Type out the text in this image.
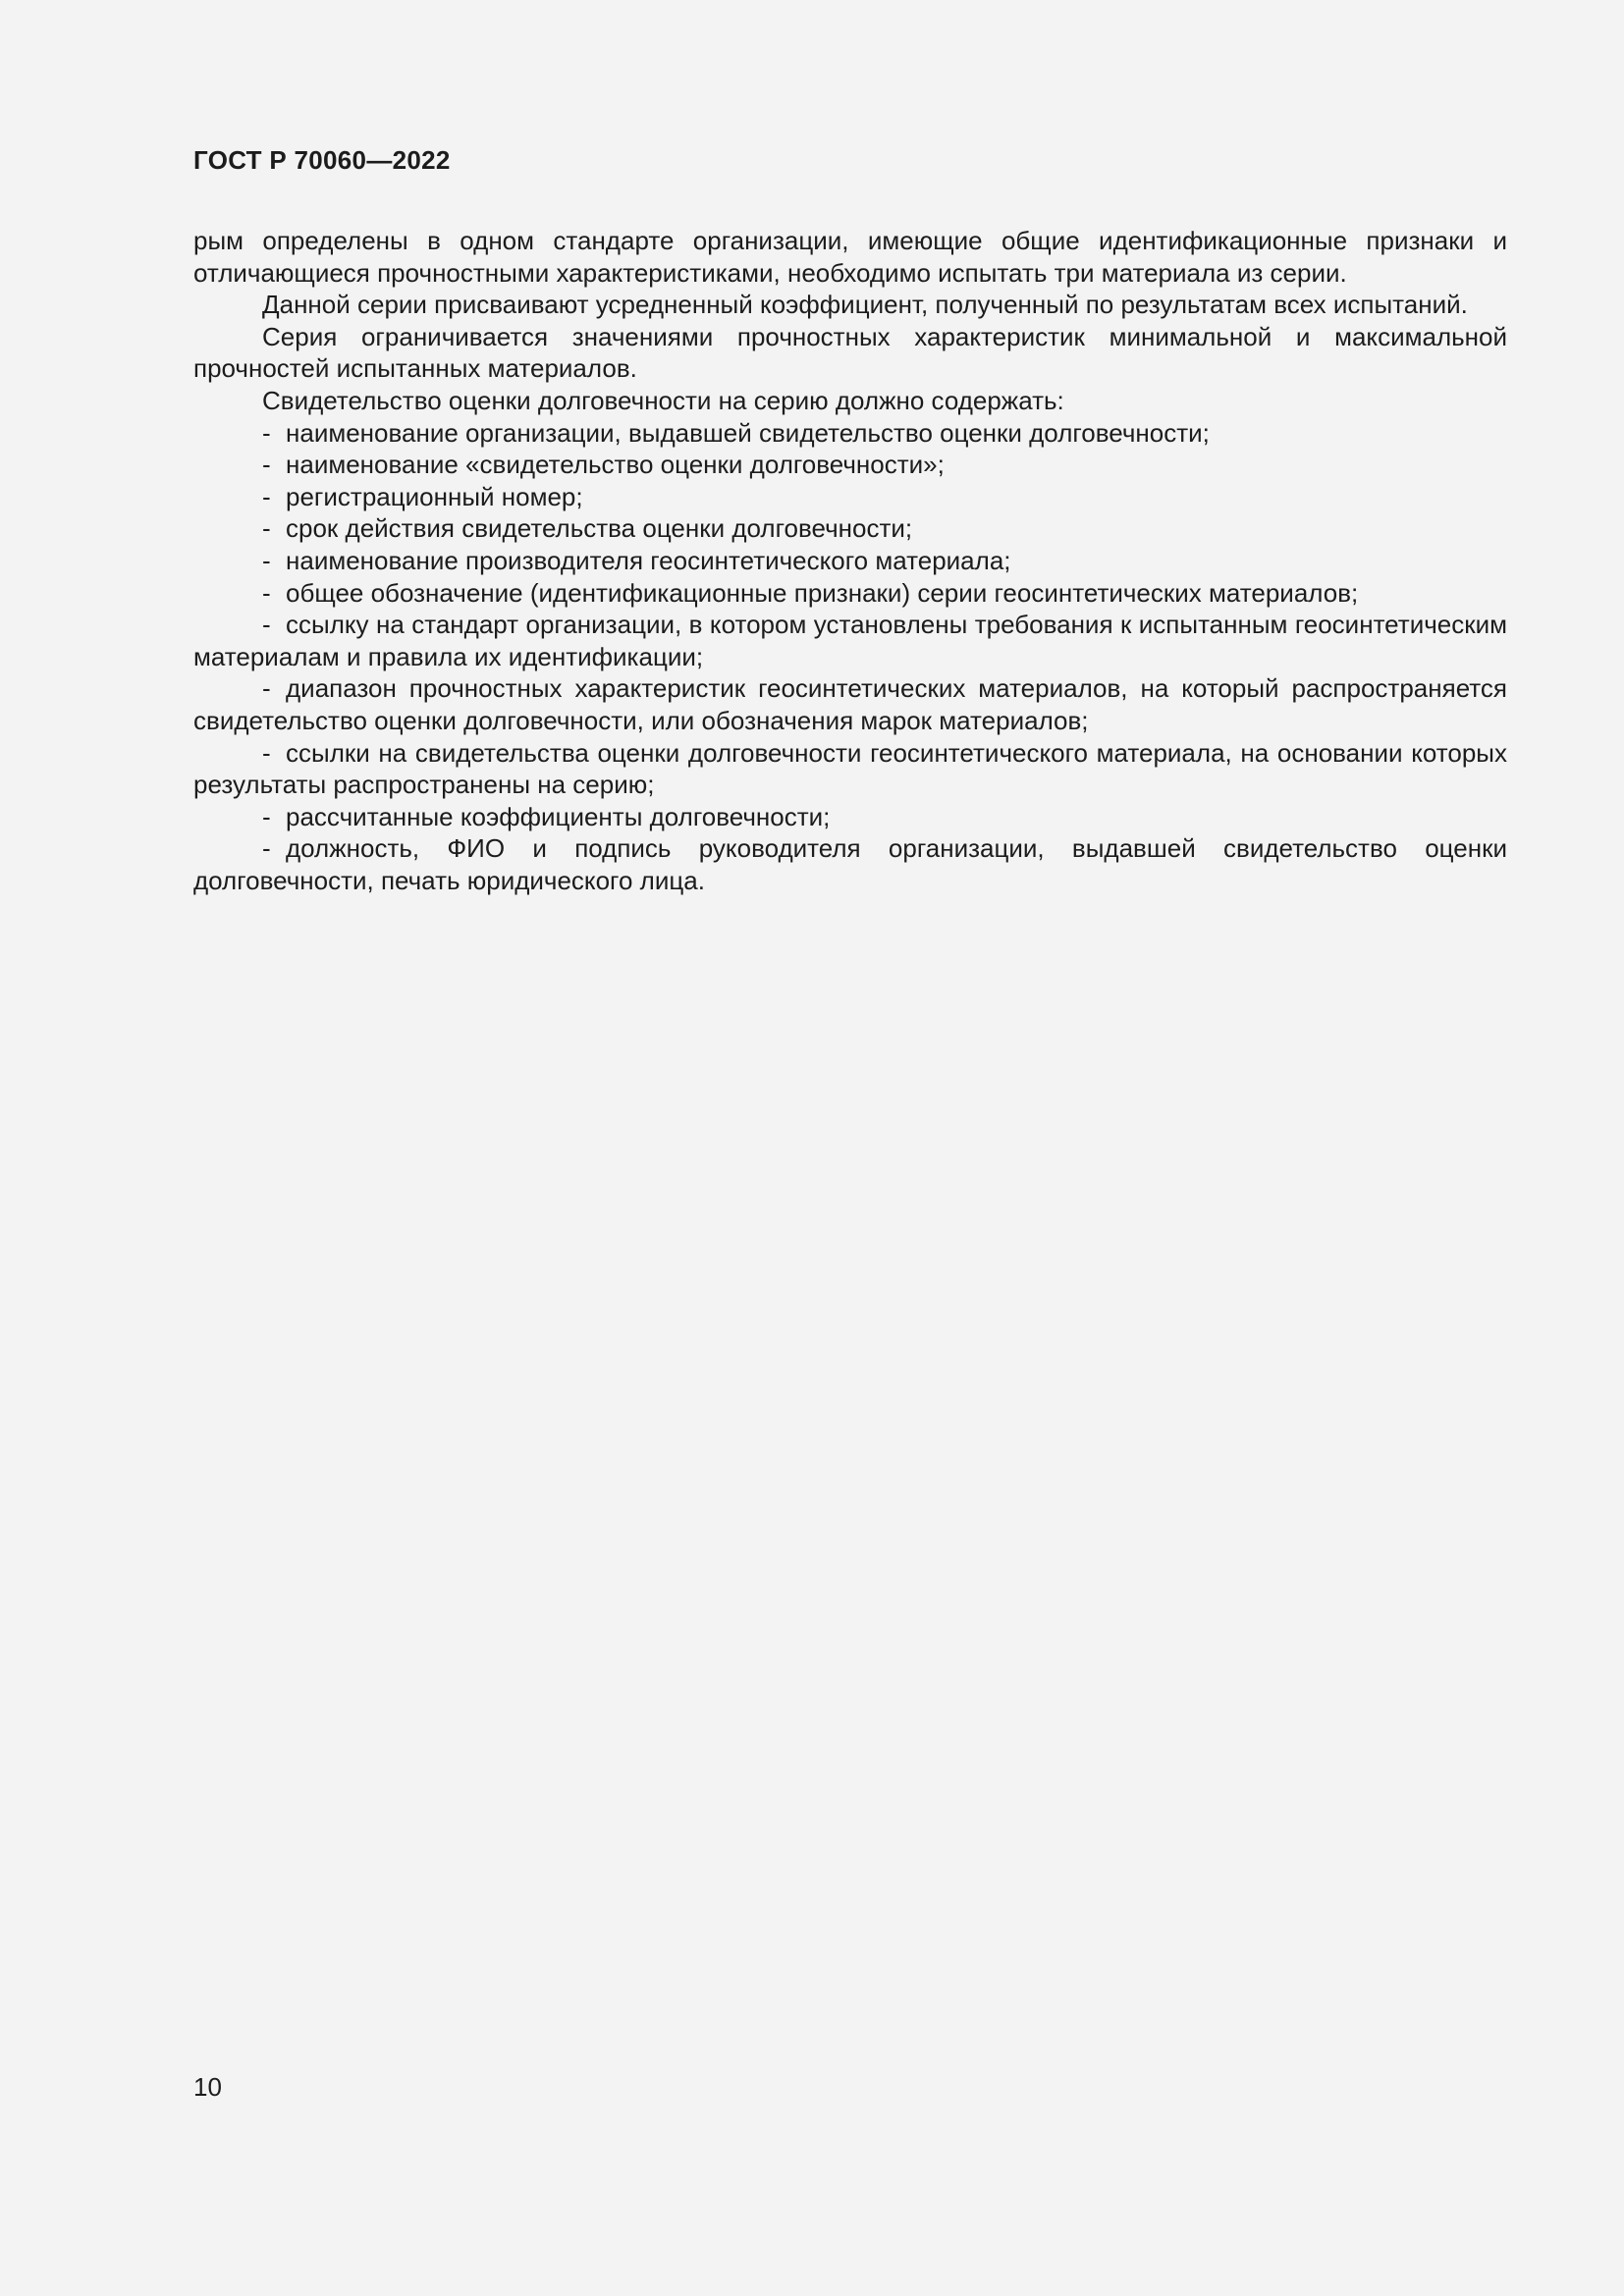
ГОСТ Р 70060—2022

рым определены в одном стандарте организации, имеющие общие идентификационные признаки и отличающиеся прочностными характеристиками, необходимо испытать три материала из серии.

Данной серии присваивают усредненный коэффициент, полученный по результатам всех испытаний.

Серия ограничивается значениями прочностных характеристик минимальной и максимальной прочностей испытанных материалов.

Свидетельство оценки долговечности на серию должно содержать:

- наименование организации, выдавшей свидетельство оценки долговечности;

- наименование «свидетельство оценки долговечности»;

- регистрационный номер;

- срок действия свидетельства оценки долговечности;

- наименование производителя геосинтетического материала;

- общее обозначение (идентификационные признаки) серии геосинтетических материалов;

- ссылку на стандарт организации, в котором установлены требования к испытанным геосинтетическим материалам и правила их идентификации;

- диапазон прочностных характеристик геосинтетических материалов, на который распространяется свидетельство оценки долговечности, или обозначения марок материалов;

- ссылки на свидетельства оценки долговечности геосинтетического материала, на основании которых результаты распространены на серию;

- рассчитанные коэффициенты долговечности;

- должность, ФИО и подпись руководителя организации, выдавшей свидетельство оценки долговечности, печать юридического лица.

10
